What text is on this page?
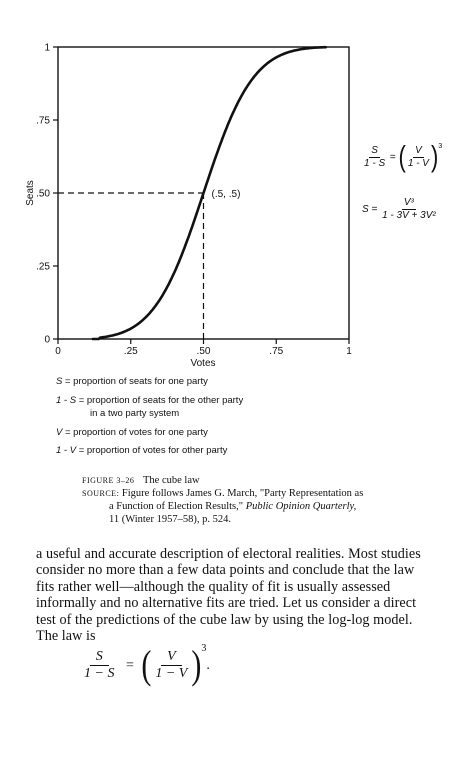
0
.25
.50
.75
1
0	.25	.50	.75	1
(.5, .5)
Votes
Seats
$\frac{S}{1 - S}$ = ( $\frac{V}{1 - V} )^3$
$S = \frac{\text{V³}}{\text{1 - 3V + 3V²}}$
S = proportion of seats for one party
1 - S = proportion of seats for the other party
in a two party system
V = proportion of votes for one party
1 - V = proportion of votes for other party
FIGURE 3–26 The cube law
SOURCE: Figure follows James G. March, "Party Representation as
a Function of Election Results," Public Opinion Quarterly,
11 (Winter 1957–58), p. 524.
a useful and accurate description of electoral realities. Most studies
consider no more than a few data points and conclude that the law
fits rather well—although the quality of fit is usually assessed
informally and no alternative fits are tried. Let us consider a direct
test of the predictions of the cube law by using the log-log model.
The law is
$\frac{S}{1 - S}$ = ( $\frac{V}{1 - V} )^3$.
